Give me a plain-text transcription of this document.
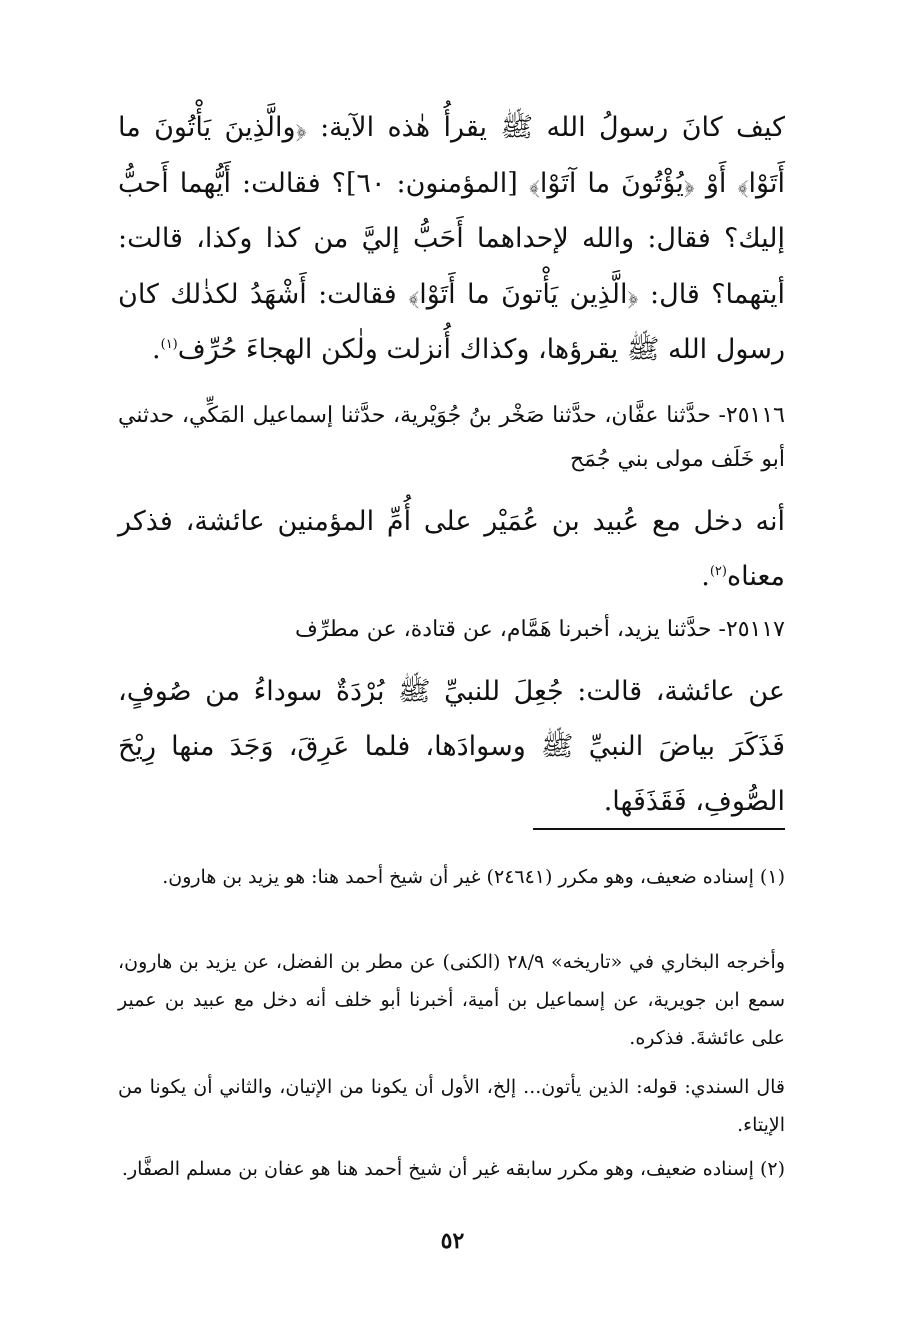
كيف كانَ رسولُ الله ﷺ يقرأُ هٰذه الآية: ﴿والَّذِينَ يَأْتُونَ ما أَتَوْا﴾ أَوْ ﴿يُؤْتُونَ ما آتَوْا﴾ [المؤمنون: ٦٠]؟ فقالت: أَيُّهما أَحبُّ إليك؟ فقال: والله لإحداهما أَحَبُّ إليَّ من كذا وكذا، قالت: أيتهما؟ قال: ﴿الَّذِين يَأْتونَ ما أَتَوْا﴾ فقالت: أَشْهَدُ لكذٰلك كان رسول الله ﷺ يقرؤها، وكذاك أُنزلت ولٰكن الهجاءَ حُرِّف$^{(١)}$.
٢٥١١٦- حدَّثنا عفَّان، حدَّثنا صَخْر بنُ جُوَيْرية، حدَّثنا إسماعيل المَكِّي، حدثني أبو خَلَف مولى بني جُمَح
أنه دخل مع عُبيد بن عُمَيْر على أُمِّ المؤمنين عائشة، فذكر معناه$^{(٢)}$.
٢٥١١٧- حدَّثنا يزيد، أخبرنا هَمَّام، عن قتادة، عن مطرِّف
عن عائشة، قالت: جُعِلَ للنبيِّ ﷺ بُرْدَةٌ سوداءُ من صُوفٍ، فَذَكَرَ بياضَ النبيِّ ﷺ وسوادَها، فلما عَرِقَ، وَجَدَ منها رِيْحَ الصُّوفِ، فَقَذَفَها.
(١) إسناده ضعيف، وهو مكرر (٢٤٦٤١) غير أن شيخ أحمد هنا: هو يزيد بن هارون.
وأخرجه البخاري في «تاريخه» ٢٨/٩ (الكنى) عن مطر بن الفضل، عن يزيد بن هارون، سمع ابن جويرية، عن إسماعيل بن أمية، أخبرنا أبو خلف أنه دخل مع عبيد بن عمير على عائشةَ. فذكره.
قال السندي: قوله: الذين يأتون... إلخ، الأول أن يكونا من الإتيان، والثاني أن يكونا من الإيتاء.
(٢) إسناده ضعيف، وهو مكرر سابقه غير أن شيخ أحمد هنا هو عفان بن مسلم الصفَّار.
٥٢
